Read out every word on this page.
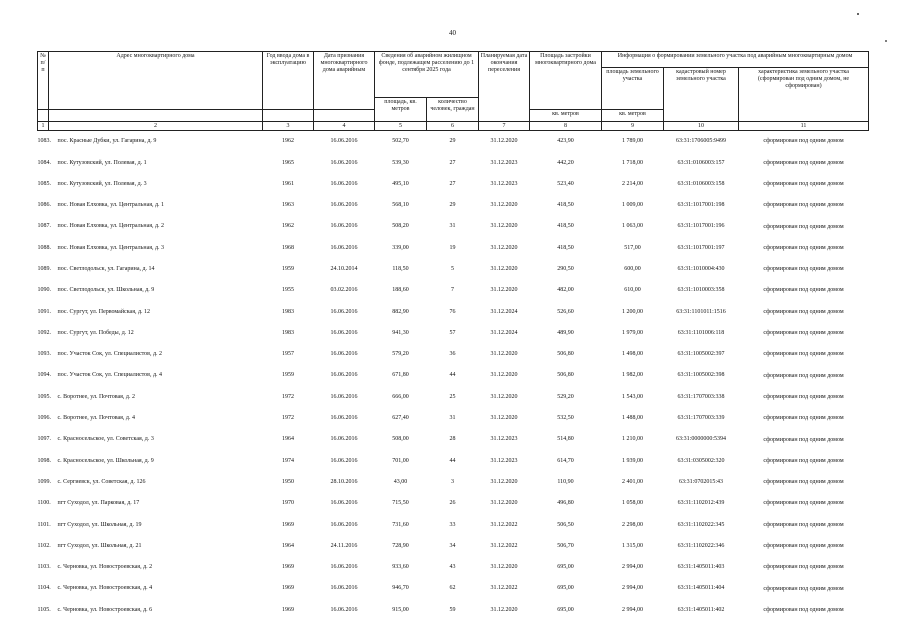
40
№ п/п	Адрес многоквартирного дома	Год ввода дома в эксплуатацию	Дата признания многоквартирного дома аварийным	Сведения об аварийном жилищном фонде, подлежащем расселению до 1 сентября 2025 года		Планируемая дата окончания переселения	Площадь застройки многоквартирного дома	Информация о формировании земельного участка под аварийным многоквартирным домом		
								площадь земельного участка	кадастровый номер земельного участка	характеристика земельного участка (сформирован под одним домом, не сформирован)
				площадь, кв. метров	количество человек, граждан					
							кв. метров	кв. метров		
1	2	3	4	5	6	7	8	9	10	11
1083.	пос. Красные Дубки, ул. Гагарина, д. 9	1962	16.06.2016	502,70	29	31.12.2020	423,90	1 789,00	63:31:1706005:9499	сформирован под одним домом
1084.	пос. Кутузовский, ул. Полевая, д. 1	1965	16.06.2016	539,30	27	31.12.2023	442,20	1 718,00	63:31:0106003:157	сформирован под одним домом
1085.	пос. Кутузовский, ул. Полевая, д. 3	1961	16.06.2016	495,10	27	31.12.2023	523,40	2 214,00	63:31:0106003:158	сформирован под одним домом
1086.	пос. Новая Елховка, ул. Центральная, д. 1	1963	16.06.2016	568,10	29	31.12.2020	418,50	1 009,00	63:31:1017001:198	сформирован под одним домом
1087.	пос. Новая Елховка, ул. Центральная, д. 2	1962	16.06.2016	508,20	31	31.12.2020	418,50	1 063,00	63:31:1017001:196	сформирован под одним домом
1088.	пос. Новая Елховка, ул. Центральная, д. 3	1968	16.06.2016	339,00	19	31.12.2020	418,50	517,00	63:31:1017001:197	сформирован под одним домом
1089.	пос. Светлодольск, ул. Гагарина, д. 14	1959	24.10.2014	118,50	5	31.12.2020	290,50	600,00	63:31:1010004:430	сформирован под одним домом
1090.	пос. Светлодольск, ул. Школьная, д. 9	1955	03.02.2016	188,60	7	31.12.2020	482,00	610,00	63:31:1010003:358	сформирован под одним домом
1091.	пос. Сургут, ул. Первомайская, д. 12	1983	16.06.2016	882,90	76	31.12.2024	526,60	1 200,00	63:31:1101011:1516	сформирован под одним домом
1092.	пос. Сургут, ул. Победы, д. 12	1983	16.06.2016	941,30	57	31.12.2024	489,90	1 979,00	63:31:1101006:118	сформирован под одним домом
1093.	пос. Участок Сок, ул. Специалистов, д. 2	1957	16.06.2016	579,20	36	31.12.2020	506,80	1 498,00	63:31:1005002:397	сформирован под одним домом
1094.	пос. Участок Сок, ул. Специалистов, д. 4	1959	16.06.2016	671,80	44	31.12.2020	506,80	1 982,00	63:31:1005002:398	сформирован под одним домом
1095.	с. Воротнее, ул. Почтовая, д. 2	1972	16.06.2016	666,00	25	31.12.2020	529,20	1 543,00	63:31:1707003:338	сформирован под одним домом
1096.	с. Воротнее, ул. Почтовая, д. 4	1972	16.06.2016	627,40	31	31.12.2020	532,50	1 488,00	63:31:1707003:339	сформирован под одним домом
1097.	с. Красносельское, ул. Советская, д. 3	1964	16.06.2016	508,00	28	31.12.2023	514,80	1 210,00	63:31:0000000:5394	сформирован под одним домом
1098.	с. Красносельское, ул. Школьная, д. 9	1974	16.06.2016	701,00	44	31.12.2023	614,70	1 939,00	63:31:0305002:320	сформирован под одним домом
1099.	с. Сергиевск, ул. Советская, д. 126	1950	28.10.2016	43,00	3	31.12.2020	110,90	2 401,00	63:31:0702015:43	сформирован под одним домом
1100.	пгт Суходол, ул. Парковая, д. 17	1970	16.06.2016	715,50	26	31.12.2020	496,80	1 058,00	63:31:1102012:439	сформирован под одним домом
1101.	пгт Суходол, ул. Школьная, д. 19	1969	16.06.2016	731,60	33	31.12.2022	506,50	2 298,00	63:31:1102022:345	сформирован под одним домом
1102.	пгт Суходол, ул. Школьная, д. 21	1964	24.11.2016	728,90	34	31.12.2022	506,70	1 315,00	63:31:1102022:346	сформирован под одним домом
1103.	с. Черновка, ул. Новостроевская, д. 2	1969	16.06.2016	933,60	43	31.12.2020	695,00	2 994,00	63:31:1405011:403	сформирован под одним домом
1104.	с. Черновка, ул. Новостроевская, д. 4	1969	16.06.2016	946,70	62	31.12.2022	695,00	2 994,00	63:31:1405011:404	сформирован под одним домом
1105.	с. Черновка, ул. Новостроевская, д. 6	1969	16.06.2016	915,00	59	31.12.2020	695,00	2 994,00	63:31:1405011:402	сформирован под одним домом
